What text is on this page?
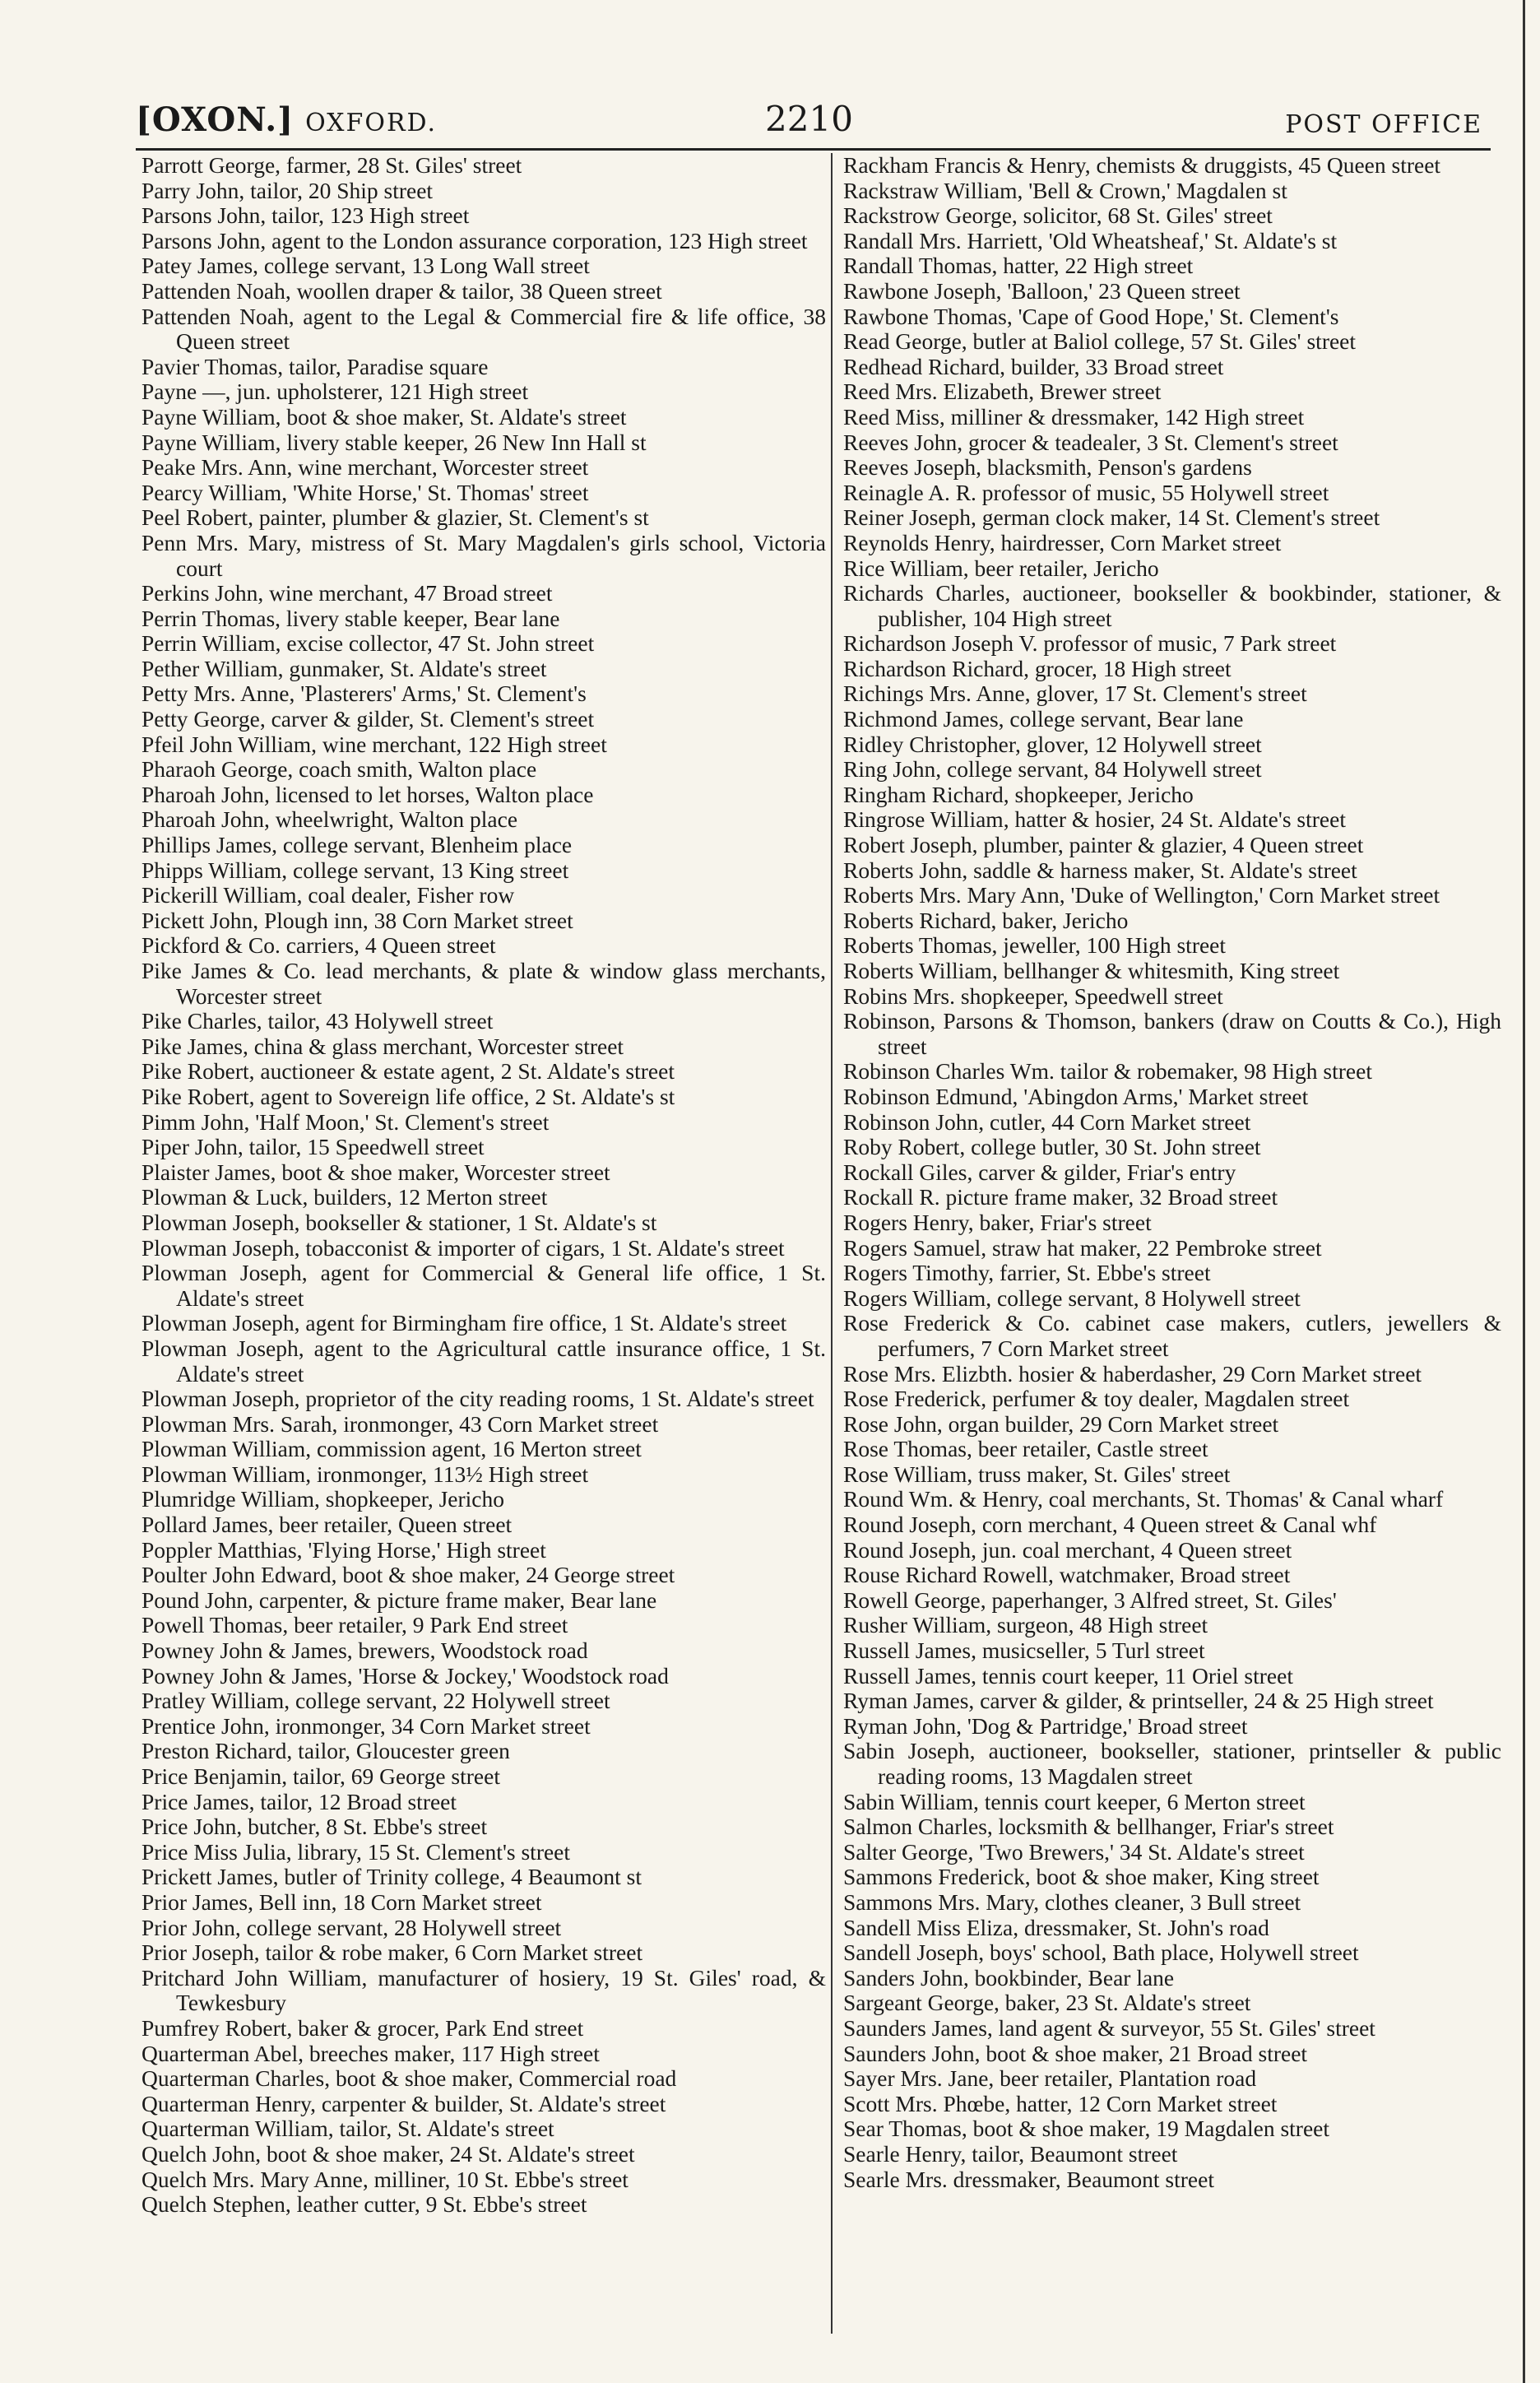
[OXON.] OXFORD.	2210	POST OFFICE

Parrott George, farmer, 28 St. Giles' street

Parry John, tailor, 20 Ship street

Parsons John, tailor, 123 High street

Parsons John, agent to the London assurance corporation, 123 High street

Patey James, college servant, 13 Long Wall street

Pattenden Noah, woollen draper & tailor, 38 Queen street

Pattenden Noah, agent to the Legal & Commercial fire & life office, 38 Queen street

Pavier Thomas, tailor, Paradise square

Payne —, jun. upholsterer, 121 High street

Payne William, boot & shoe maker, St. Aldate's street

Payne William, livery stable keeper, 26 New Inn Hall st

Peake Mrs. Ann, wine merchant, Worcester street

Pearcy William, 'White Horse,' St. Thomas' street

Peel Robert, painter, plumber & glazier, St. Clement's st

Penn Mrs. Mary, mistress of St. Mary Magdalen's girls school, Victoria court

Perkins John, wine merchant, 47 Broad street

Perrin Thomas, livery stable keeper, Bear lane

Perrin William, excise collector, 47 St. John street

Pether William, gunmaker, St. Aldate's street

Petty Mrs. Anne, 'Plasterers' Arms,' St. Clement's

Petty George, carver & gilder, St. Clement's street

Pfeil John William, wine merchant, 122 High street

Pharaoh George, coach smith, Walton place

Pharoah John, licensed to let horses, Walton place

Pharoah John, wheelwright, Walton place

Phillips James, college servant, Blenheim place

Phipps William, college servant, 13 King street

Pickerill William, coal dealer, Fisher row

Pickett John, Plough inn, 38 Corn Market street

Pickford & Co. carriers, 4 Queen street

Pike James & Co. lead merchants, & plate & window glass merchants, Worcester street

Pike Charles, tailor, 43 Holywell street

Pike James, china & glass merchant, Worcester street

Pike Robert, auctioneer & estate agent, 2 St. Aldate's street

Pike Robert, agent to Sovereign life office, 2 St. Aldate's st

Pimm John, 'Half Moon,' St. Clement's street

Piper John, tailor, 15 Speedwell street

Plaister James, boot & shoe maker, Worcester street

Plowman & Luck, builders, 12 Merton street

Plowman Joseph, bookseller & stationer, 1 St. Aldate's st

Plowman Joseph, tobacconist & importer of cigars, 1 St. Aldate's street

Plowman Joseph, agent for Commercial & General life office, 1 St. Aldate's street

Plowman Joseph, agent for Birmingham fire office, 1 St. Aldate's street

Plowman Joseph, agent to the Agricultural cattle insurance office, 1 St. Aldate's street

Plowman Joseph, proprietor of the city reading rooms, 1 St. Aldate's street

Plowman Mrs. Sarah, ironmonger, 43 Corn Market street

Plowman William, commission agent, 16 Merton street

Plowman William, ironmonger, 113½ High street

Plumridge William, shopkeeper, Jericho

Pollard James, beer retailer, Queen street

Poppler Matthias, 'Flying Horse,' High street

Poulter John Edward, boot & shoe maker, 24 George street

Pound John, carpenter, & picture frame maker, Bear lane

Powell Thomas, beer retailer, 9 Park End street

Powney John & James, brewers, Woodstock road

Powney John & James, 'Horse & Jockey,' Woodstock road

Pratley William, college servant, 22 Holywell street

Prentice John, ironmonger, 34 Corn Market street

Preston Richard, tailor, Gloucester green

Price Benjamin, tailor, 69 George street

Price James, tailor, 12 Broad street

Price John, butcher, 8 St. Ebbe's street

Price Miss Julia, library, 15 St. Clement's street

Prickett James, butler of Trinity college, 4 Beaumont st

Prior James, Bell inn, 18 Corn Market street

Prior John, college servant, 28 Holywell street

Prior Joseph, tailor & robe maker, 6 Corn Market street

Pritchard John William, manufacturer of hosiery, 19 St. Giles' road, & Tewkesbury

Pumfrey Robert, baker & grocer, Park End street

Quarterman Abel, breeches maker, 117 High street

Quarterman Charles, boot & shoe maker, Commercial road

Quarterman Henry, carpenter & builder, St. Aldate's street

Quarterman William, tailor, St. Aldate's street

Quelch John, boot & shoe maker, 24 St. Aldate's street

Quelch Mrs. Mary Anne, milliner, 10 St. Ebbe's street

Quelch Stephen, leather cutter, 9 St. Ebbe's street

Rackham Francis & Henry, chemists & druggists, 45 Queen street

Rackstraw William, 'Bell & Crown,' Magdalen st

Rackstrow George, solicitor, 68 St. Giles' street

Randall Mrs. Harriett, 'Old Wheatsheaf,' St. Aldate's st

Randall Thomas, hatter, 22 High street

Rawbone Joseph, 'Balloon,' 23 Queen street

Rawbone Thomas, 'Cape of Good Hope,' St. Clement's

Read George, butler at Baliol college, 57 St. Giles' street

Redhead Richard, builder, 33 Broad street

Reed Mrs. Elizabeth, Brewer street

Reed Miss, milliner & dressmaker, 142 High street

Reeves John, grocer & teadealer, 3 St. Clement's street

Reeves Joseph, blacksmith, Penson's gardens

Reinagle A. R. professor of music, 55 Holywell street

Reiner Joseph, german clock maker, 14 St. Clement's street

Reynolds Henry, hairdresser, Corn Market street

Rice William, beer retailer, Jericho

Richards Charles, auctioneer, bookseller & bookbinder, stationer, & publisher, 104 High street

Richardson Joseph V. professor of music, 7 Park street

Richardson Richard, grocer, 18 High street

Richings Mrs. Anne, glover, 17 St. Clement's street

Richmond James, college servant, Bear lane

Ridley Christopher, glover, 12 Holywell street

Ring John, college servant, 84 Holywell street

Ringham Richard, shopkeeper, Jericho

Ringrose William, hatter & hosier, 24 St. Aldate's street

Robert Joseph, plumber, painter & glazier, 4 Queen street

Roberts John, saddle & harness maker, St. Aldate's street

Roberts Mrs. Mary Ann, 'Duke of Wellington,' Corn Market street

Roberts Richard, baker, Jericho

Roberts Thomas, jeweller, 100 High street

Roberts William, bellhanger & whitesmith, King street

Robins Mrs. shopkeeper, Speedwell street

Robinson, Parsons & Thomson, bankers (draw on Coutts & Co.), High street

Robinson Charles Wm. tailor & robemaker, 98 High street

Robinson Edmund, 'Abingdon Arms,' Market street

Robinson John, cutler, 44 Corn Market street

Roby Robert, college butler, 30 St. John street

Rockall Giles, carver & gilder, Friar's entry

Rockall R. picture frame maker, 32 Broad street

Rogers Henry, baker, Friar's street

Rogers Samuel, straw hat maker, 22 Pembroke street

Rogers Timothy, farrier, St. Ebbe's street

Rogers William, college servant, 8 Holywell street

Rose Frederick & Co. cabinet case makers, cutlers, jewellers & perfumers, 7 Corn Market street

Rose Mrs. Elizbth. hosier & haberdasher, 29 Corn Market street

Rose Frederick, perfumer & toy dealer, Magdalen street

Rose John, organ builder, 29 Corn Market street

Rose Thomas, beer retailer, Castle street

Rose William, truss maker, St. Giles' street

Round Wm. & Henry, coal merchants, St. Thomas' & Canal wharf

Round Joseph, corn merchant, 4 Queen street & Canal whf

Round Joseph, jun. coal merchant, 4 Queen street

Rouse Richard Rowell, watchmaker, Broad street

Rowell George, paperhanger, 3 Alfred street, St. Giles'

Rusher William, surgeon, 48 High street

Russell James, musicseller, 5 Turl street

Russell James, tennis court keeper, 11 Oriel street

Ryman James, carver & gilder, & printseller, 24 & 25 High street

Ryman John, 'Dog & Partridge,' Broad street

Sabin Joseph, auctioneer, bookseller, stationer, printseller & public reading rooms, 13 Magdalen street

Sabin William, tennis court keeper, 6 Merton street

Salmon Charles, locksmith & bellhanger, Friar's street

Salter George, 'Two Brewers,' 34 St. Aldate's street

Sammons Frederick, boot & shoe maker, King street

Sammons Mrs. Mary, clothes cleaner, 3 Bull street

Sandell Miss Eliza, dressmaker, St. John's road

Sandell Joseph, boys' school, Bath place, Holywell street

Sanders John, bookbinder, Bear lane

Sargeant George, baker, 23 St. Aldate's street

Saunders James, land agent & surveyor, 55 St. Giles' street

Saunders John, boot & shoe maker, 21 Broad street

Sayer Mrs. Jane, beer retailer, Plantation road

Scott Mrs. Phœbe, hatter, 12 Corn Market street

Sear Thomas, boot & shoe maker, 19 Magdalen street

Searle Henry, tailor, Beaumont street

Searle Mrs. dressmaker, Beaumont street
